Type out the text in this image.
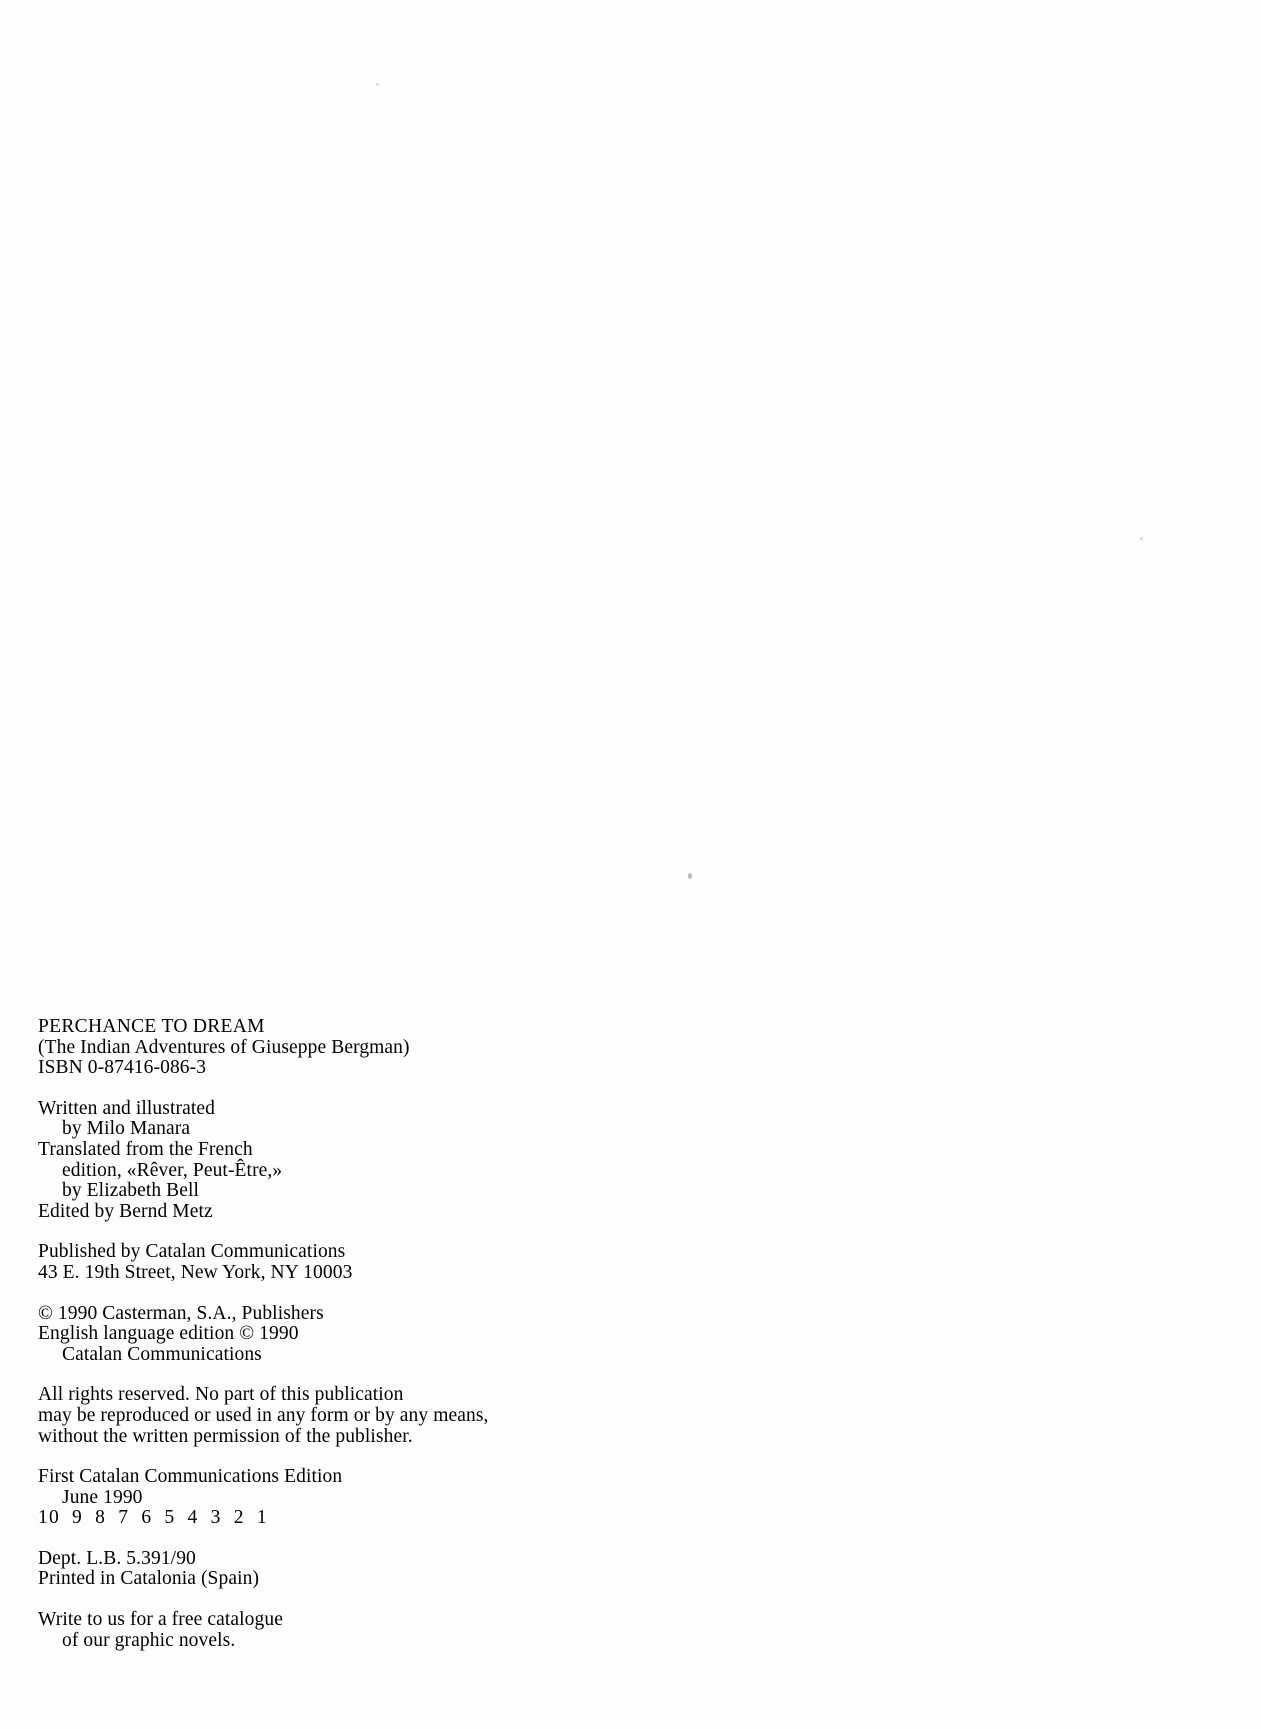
PERCHANCE TO DREAM
(The Indian Adventures of Giuseppe Bergman)
ISBN 0-87416-086-3
Written and illustrated
by Milo Manara
Translated from the French
edition, «Rêver, Peut-Être,»
by Elizabeth Bell
Edited by Bernd Metz
Published by Catalan Communications
43 E. 19th Street, New York, NY 10003
© 1990 Casterman, S.A., Publishers
English language edition © 1990
Catalan Communications
All rights reserved. No part of this publication
may be reproduced or used in any form or by any means,
without the written permission of the publisher.
First Catalan Communications Edition
June 1990
10  9  8  7  6  5  4  3  2  1
Dept. L.B. 5.391/90
Printed in Catalonia (Spain)
Write to us for a free catalogue
of our graphic novels.
